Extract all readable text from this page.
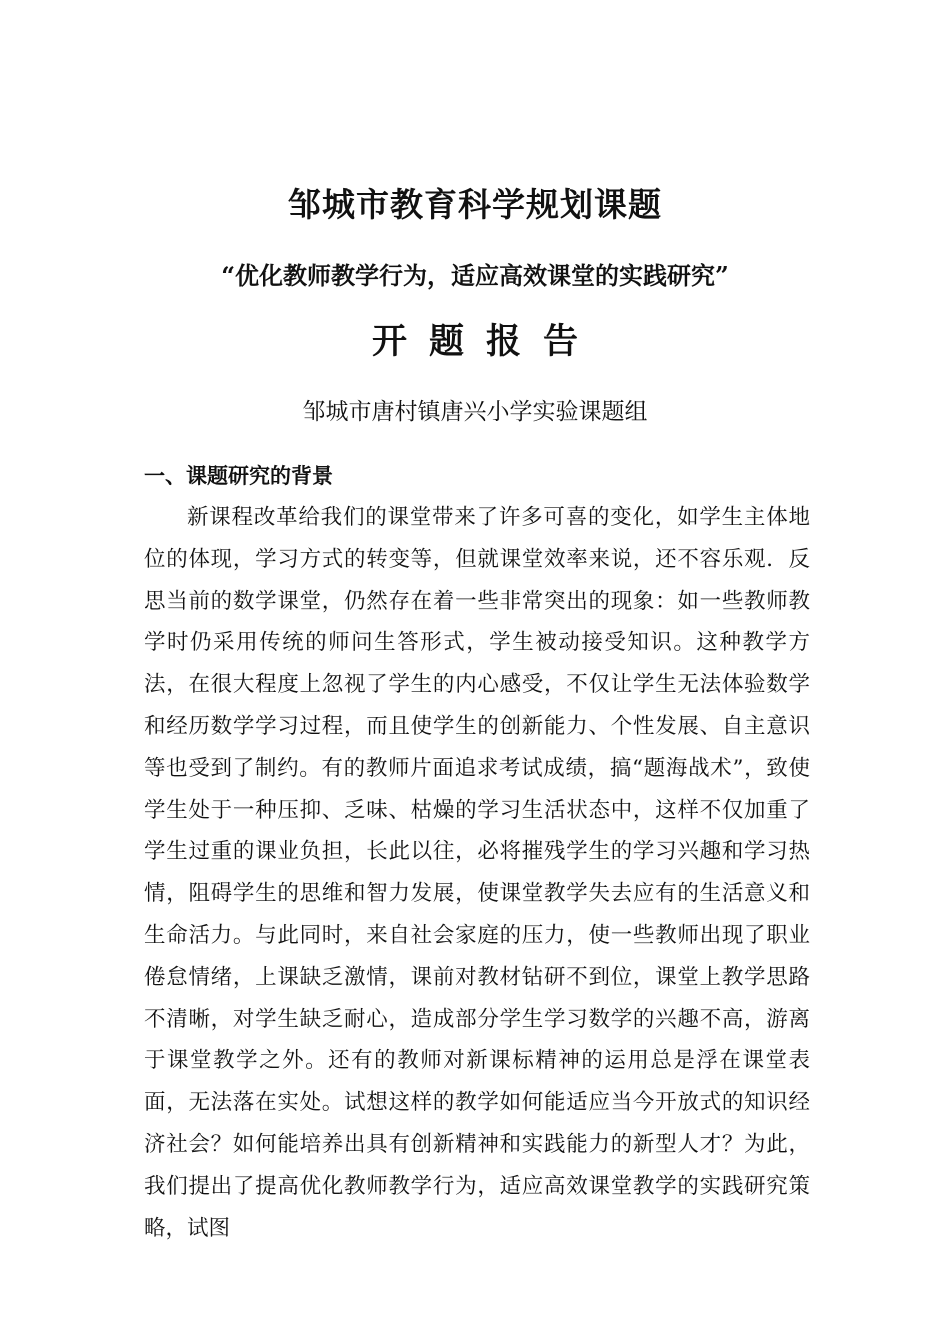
邹城市教育科学规划课题
“优化教师教学行为，适应高效课堂的实践研究”
开题报告

邹城市唐村镇唐兴小学实验课题组

一、课题研究的背景

新课程改革给我们的课堂带来了许多可喜的变化，如学生主体地位的体现，学习方式的转变等，但就课堂效率来说，还不容乐观．反思当前的数学课堂，仍然存在着一些非常突出的现象：如一些教师教学时仍采用传统的师问生答形式，学生被动接受知识。这种教学方法，在很大程度上忽视了学生的内心感受，不仅让学生无法体验数学和经历数学学习过程，而且使学生的创新能力、个性发展、自主意识等也受到了制约。有的教师片面追求考试成绩，搞“题海战术”，致使学生处于一种压抑、乏味、枯燥的学习生活状态中，这样不仅加重了学生过重的课业负担，长此以往，必将摧残学生的学习兴趣和学习热情，阻碍学生的思维和智力发展，使课堂教学失去应有的生活意义和生命活力。与此同时，来自社会家庭的压力，使一些教师出现了职业倦怠情绪，上课缺乏激情，课前对教材钻研不到位，课堂上教学思路不清晰，对学生缺乏耐心，造成部分学生学习数学的兴趣不高，游离于课堂教学之外。还有的教师对新课标精神的运用总是浮在课堂表面，无法落在实处。试想这样的教学如何能适应当今开放式的知识经济社会？如何能培养出具有创新精神和实践能力的新型人才？为此，我们提出了提高优化教师教学行为，适应高效课堂教学的实践研究策略，试图
